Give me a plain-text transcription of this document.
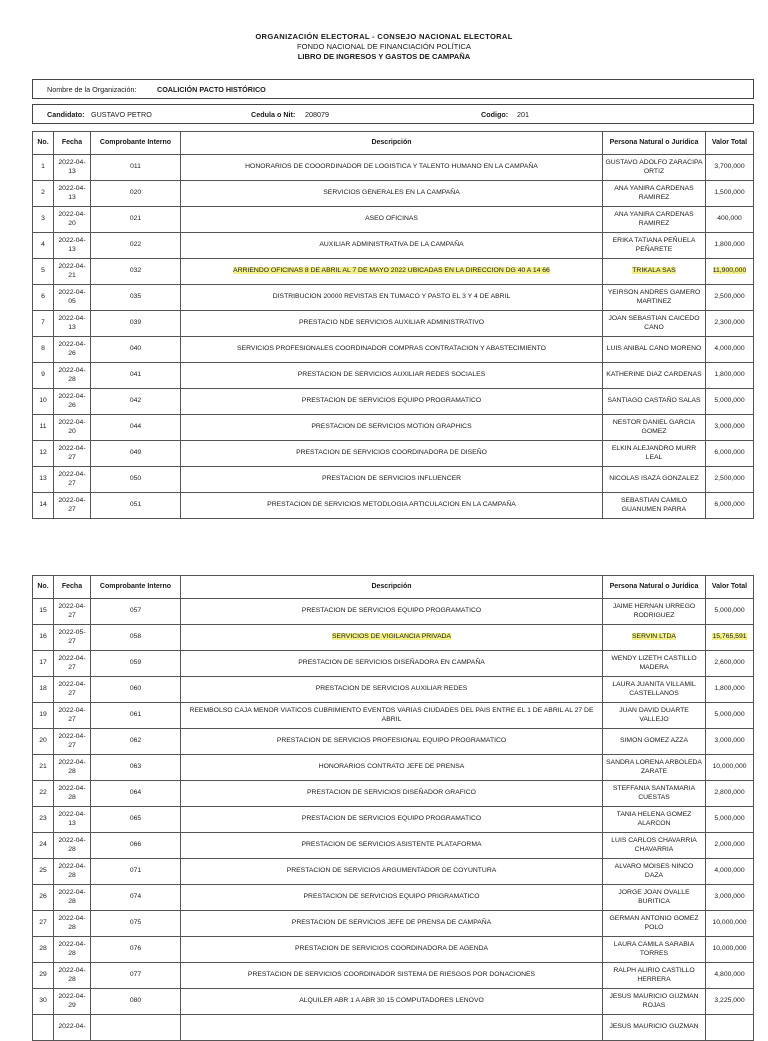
ORGANIZACIÓN ELECTORAL - CONSEJO NACIONAL ELECTORAL
FONDO NACIONAL DE FINANCIACIÓN POLÍTICA
LIBRO DE INGRESOS Y GASTOS DE CAMPAÑA
Nombre de la Organización:	COALICIÓN PACTO HISTÓRICO
Candidato: GUSTAVO PETRO	Cedula o Nit: 208079	Codigo: 201
No.	Fecha	Comprobante Interno	Descripción	Persona Natural o Jurídica	Valor Total
1	2022-04-13	011	HONORARIOS DE COOORDINADOR DE LOGISTICA Y TALENTO HUMANO EN LA CAMPAÑA	GUSTAVO ADOLFO ZARACIPA ORTIZ	3,700,000
2	2022-04-13	020	SERVICIOS GENERALES EN LA CAMPAÑA	ANA YANIRA CARDENAS RAMIREZ	1,500,000
3	2022-04-20	021	ASEO OFICINAS	ANA YANIRA CARDENAS RAMIREZ	400,000
4	2022-04-13	022	AUXILIAR ADMINISTRATIVA DE LA CAMPAÑA	ERIKA TATIANA PEÑUELA PEÑARETE	1,800,000
5	2022-04-21	032	ARRIENDO OFICINAS 8 DE ABRIL AL 7 DE MAYO 2022 UBICADAS EN LA DIRECCION DG 40 A 14 66	TRIKALA SAS	11,900,000
6	2022-04-05	035	DISTRIBUCION 20000 REVISTAS EN TUMACO Y PASTO EL 3 Y 4 DE ABRIL	YEIRSON ANDRES GAMERO MARTINEZ	2,500,000
7	2022-04-13	039	PRESTACIO NDE SERVICIOS AUXILIAR ADMINISTRATIVO	JOAN SEBASTIAN CAICEDO CANO	2,300,000
8	2022-04-26	040	SERVICIOS PROFESIONALES COORDINADOR COMPRAS CONTRATACION Y ABASTECIMIENTO	LUIS ANIBAL CANO MORENO	4,000,000
9	2022-04-28	041	PRESTACION DE SERVICIOS AUXILIAR REDES SOCIALES	KATHERINE DIAZ CARDENAS	1,800,000
10	2022-04-26	042	PRESTACION DE SERVICIOS EQUIPO PROGRAMATICO	SANTIAGO CASTAÑO SALAS	5,000,000
11	2022-04-20	044	PRESTACION DE SERVICIOS MOTION GRAPHICS	NESTOR DANIEL GARCIA GOMEZ	3,000,000
12	2022-04-27	049	PRESTACION DE SERVICIOS COORDINADORA DE DISEÑO	ELKIN ALEJANDRO MURR LEAL	6,000,000
13	2022-04-27	050	PRESTACION DE SERVICIOS INFLUENCER	NICOLAS ISAZA GONZALEZ	2,500,000
14	2022-04-27	051	PRESTACION DE SERVICIOS METODLOGIA ARTICULACION EN LA CAMPAÑA	SEBASTIAN CAMILO GUANUMEN PARRA	6,000,000
No.	Fecha	Comprobante Interno	Descripción	Persona Natural o Jurídica	Valor Total
15	2022-04-27	057	PRESTACION DE SERVICIOS EQUIPO PROGRAMATICO	JAIME HERNAN URREGO RODRIGUEZ	5,000,000
16	2022-05-27	058	SERVICIOS DE VIGILANCIA PRIVADA	SERVIN LTDA	15,765,591
17	2022-04-27	059	PRESTACION DE SERVICIOS DISEÑADORA EN CAMPAÑA	WENDY LIZETH CASTILLO MADERA	2,600,000
18	2022-04-27	060	PRESTACION DE SERVICIOS AUXILIAR REDES	LAURA JUANITA VILLAMIL CASTELLANOS	1,800,000
19	2022-04-27	061	REEMBOLSO CAJA MENOR VIATICOS CUBRIMIENTO EVENTOS VARIAS CIUDADES DEL PAIS ENTRE EL 1 DE ABRIL AL 27 DE ABRIL	JUAN DAVID DUARTE VALLEJO	5,000,000
20	2022-04-27	062	PRESTACION DE SERVICIOS PROFESIONAL EQUIPO PROGRAMATICO	SIMON GOMEZ AZZA	3,000,000
21	2022-04-28	063	HONORARIOS CONTRATO JEFE DE PRENSA	SANDRA LORENA ARBOLEDA ZARATE	10,000,000
22	2022-04-28	064	PRESTACION DE SERVICIOS DISEÑADOR GRAFICO	STEFFANIA SANTAMARIA CUESTAS	2,800,000
23	2022-04-13	065	PRESTACION DE SERVICIOS EQUIPO PROGRAMATICO	TANIA HELENA GOMEZ ALARCON	5,000,000
24	2022-04-28	066	PRESTACION DE SERVICIOS ASISTENTE PLATAFORMA	LUIS CARLOS CHAVARRIA CHAVARRIA	2,000,000
25	2022-04-28	071	PRESTACION DE SERVICIOS ARGUMENTADOR DE COYUNTURA	ALVARO MOISES NINCO DAZA	4,000,000
26	2022-04-28	074	PRESTACION DE SERVICIOS EQUIPO PRIGRAMATICO	JORGE JOAN OVALLE BURITICA	3,000,000
27	2022-04-28	075	PRESTACION DE SERVICIOS JEFE DE PRENSA DE CAMPAÑA	GERMAN ANTONIO GOMEZ POLO	10,000,000
28	2022-04-28	076	PRESTACION DE SERVICIOS COORDINADORA DE AGENDA	LAURA CAMILA SARABIA TORRES	10,000,000
29	2022-04-28	077	PRESTACION DE SERVICIOS COORDINADOR SISTEMA DE RIESGOS POR DONACIONES	RALPH ALIRIO CASTILLO HERRERA	4,800,000
30	2022-04-29	080	ALQUILER ABR 1 A ABR 30 15 COMPUTADORES LENOVO	JESUS MAURICIO GUZMAN ROJAS	3,225,000
	2022-04-			JESUS MAURICIO GUZMAN	
